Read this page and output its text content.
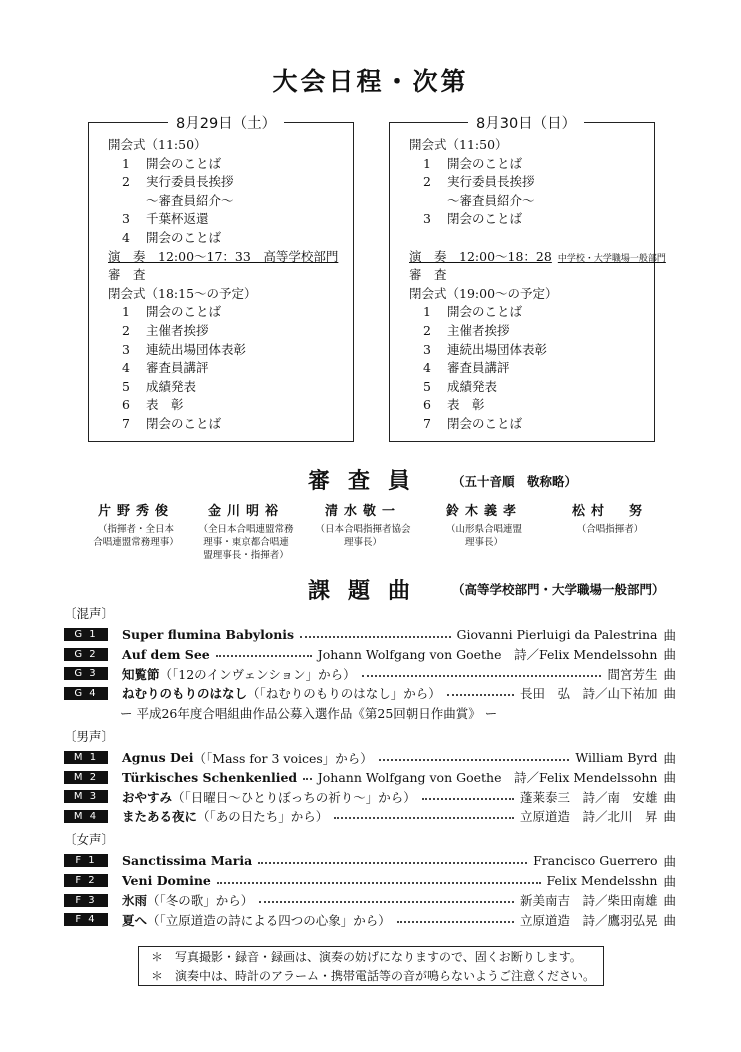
大会日程・次第
8月29日（土）
開会式（11:50）
1 開会のことば
2 実行委員長挨拶
〜審査員紹介〜
3 千葉杯返還
4 開会のことば
演　奏　12:00〜17：33　高等学校部門
審　査
閉会式（18:15〜の予定）
1 開会のことば
2 主催者挨拶
3 連続出場団体表彰
4 審査員講評
5 成績発表
6 表　彰
7 閉会のことば
8月30日（日）
開会式（11:50）
1 開会のことば
2 実行委員長挨拶
〜審査員紹介〜
3 閉会のことば
演　奏　12:00〜18：28 中学校・大学職場一般部門
審　査
閉会式（19:00〜の予定）
1 開会のことば
2 主催者挨拶
3 連続出場団体表彰
4 審査員講評
5 成績発表
6 表　彰
7 閉会のことば
審査員 （五十音順　敬称略）
片野秀俊
（指揮者・全日本
合唱連盟常務理事）
金川明裕
（全日本合唱連盟常務
理事・東京都合唱連
盟理事長・指揮者）
清水敬一
（日本合唱指揮者協会
理事長）
鈴木義孝
（山形県合唱連盟
理事長）
松村　努
（合唱指揮者）
課題曲 （高等学校部門・大学職場一般部門）
〔混声〕
G 1	Super flumina Babylonis	Giovanni Pierluigi da Palestrina 曲
G 2	Auf dem See	Johann Wolfgang von Goethe　詩／Felix Mendelssohn 曲
G 3	知覧節 （「12のインヴェンション」から）	間宮芳生 曲
G 4	ねむりのもりのはなし （「ねむりのもりのはなし」から）	長田　弘　詩／山下祐加 曲
ー 平成26年度合唱組曲作品公募入選作品《第25回朝日作曲賞》 ー
〔男声〕
M 1	Agnus Dei （「Mass for 3 voices」から）	William Byrd 曲
M 2	Türkisches Schenkenlied Johann Wolfgang von Goethe　詩／Felix Mendelssohn 曲
M 3	おやすみ （「日曜日〜ひとりぼっちの祈り〜」から）	蓬莱泰三　詩／南　安雄 曲
M 4	またある夜に （「あの日たち」から）	立原道造　詩／北川　昇 曲
〔女声〕
F 1	Sanctissima Maria	Francisco Guerrero 曲
F 2	Veni Domine	Felix Mendelsshn 曲
F 3	氷雨 （「冬の歌」から）	新美南吉　詩／柴田南雄 曲
F 4	夏へ （「立原道造の詩による四つの心象」から）	立原道造　詩／鷹羽弘晃 曲
＊　写真撮影・録音・録画は、演奏の妨げになりますので、固くお断りします。
＊　演奏中は、時計のアラーム・携帯電話等の音が鳴らないようご注意ください。
